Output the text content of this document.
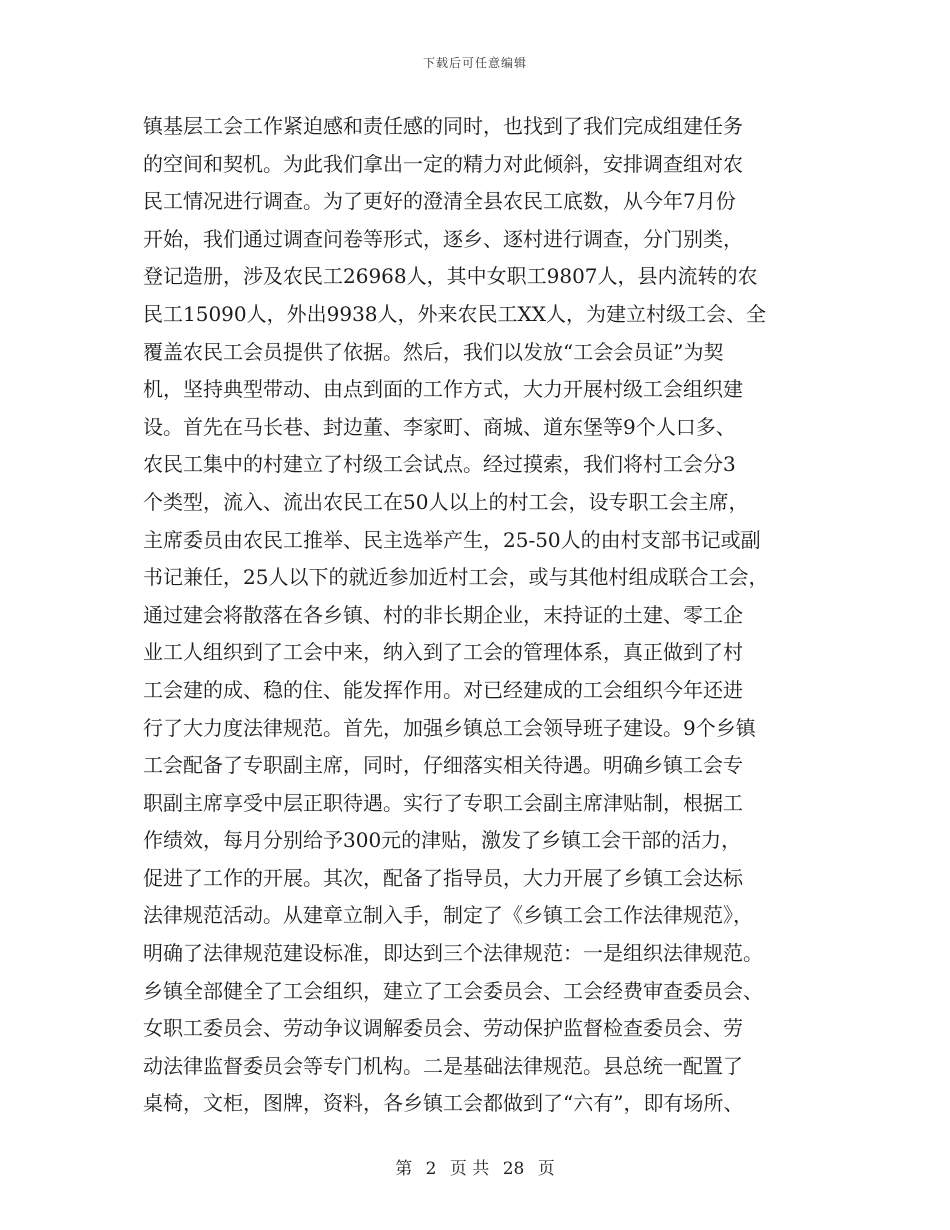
下载后可任意编辑
镇基层工会工作紧迫感和责任感的同时，也找到了我们完成组建任务
的空间和契机。为此我们拿出一定的精力对此倾斜，安排调查组对农
民工情况进行调查。为了更好的澄清全县农民工底数，从今年7月份
开始，我们通过调查问卷等形式，逐乡、逐村进行调查，分门别类，
登记造册，涉及农民工26968人，其中女职工9807人，县内流转的农
民工15090人，外出9938人，外来农民工XX人，为建立村级工会、全
覆盖农民工会员提供了依据。然后，我们以发放“工会会员证”为契
机，坚持典型带动、由点到面的工作方式，大力开展村级工会组织建
设。首先在马长巷、封边董、李家町、商城、道东堡等9个人口多、
农民工集中的村建立了村级工会试点。经过摸索，我们将村工会分3
个类型，流入、流出农民工在50人以上的村工会，设专职工会主席，
主席委员由农民工推举、民主选举产生，25-50人的由村支部书记或副
书记兼任，25人以下的就近参加近村工会，或与其他村组成联合工会，
通过建会将散落在各乡镇、村的非长期企业，末持证的土建、零工企
业工人组织到了工会中来，纳入到了工会的管理体系，真正做到了村
工会建的成、稳的住、能发挥作用。对已经建成的工会组织今年还进
行了大力度法律规范。首先，加强乡镇总工会领导班子建设。9个乡镇
工会配备了专职副主席，同时，仔细落实相关待遇。明确乡镇工会专
职副主席享受中层正职待遇。实行了专职工会副主席津贴制，根据工
作绩效，每月分别给予300元的津贴，激发了乡镇工会干部的活力，
促进了工作的开展。其次，配备了指导员，大力开展了乡镇工会达标
法律规范活动。从建章立制入手，制定了《乡镇工会工作法律规范》，
明确了法律规范建设标准，即达到三个法律规范：一是组织法律规范。
乡镇全部健全了工会组织，建立了工会委员会、工会经费审查委员会、
女职工委员会、劳动争议调解委员会、劳动保护监督检查委员会、劳
动法律监督委员会等专门机构。二是基础法律规范。县总统一配置了
桌椅，文柜，图牌，资料，各乡镇工会都做到了“六有”，即有场所、
第 2 页 共 28 页
